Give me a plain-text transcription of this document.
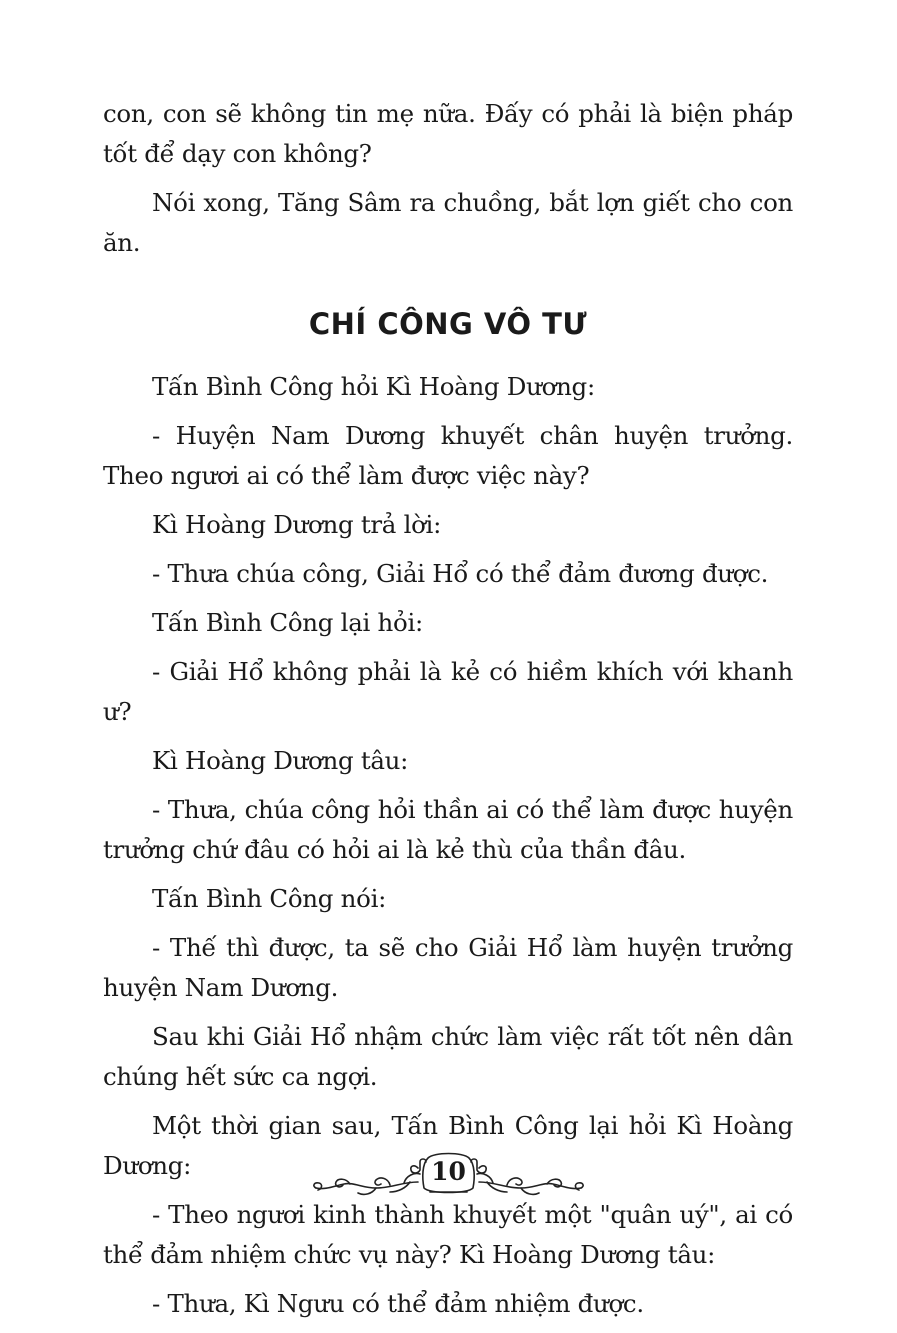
con, con sẽ không tin mẹ nữa. Đấy có phải là biện pháp tốt để dạy con không?

Nói xong, Tăng Sâm ra chuồng, bắt lợn giết cho con ăn.

CHÍ CÔNG VÔ TƯ

Tấn Bình Công hỏi Kì Hoàng Dương:

- Huyện Nam Dương khuyết chân huyện trưởng. Theo ngươi ai có thể làm được việc này?

Kì Hoàng Dương trả lời:

- Thưa chúa công, Giải Hổ có thể đảm đương được.

Tấn Bình Công lại hỏi:

- Giải Hổ không phải là kẻ có hiềm khích với khanh ư?

Kì Hoàng Dương tâu:

- Thưa, chúa công hỏi thần ai có thể làm được huyện trưởng chứ đâu có hỏi ai là kẻ thù của thần đâu.

Tấn Bình Công nói:

- Thế thì được, ta sẽ cho Giải Hổ làm huyện trưởng huyện Nam Dương.

Sau khi Giải Hổ nhậm chức làm việc rất tốt nên dân chúng hết sức ca ngợi.

Một thời gian sau, Tấn Bình Công lại hỏi Kì Hoàng Dương:

- Theo ngươi kinh thành khuyết một "quân uý", ai có thể đảm nhiệm chức vụ này? Kì Hoàng Dương tâu:

- Thưa, Kì Ngưu có thể đảm nhiệm được.

10
